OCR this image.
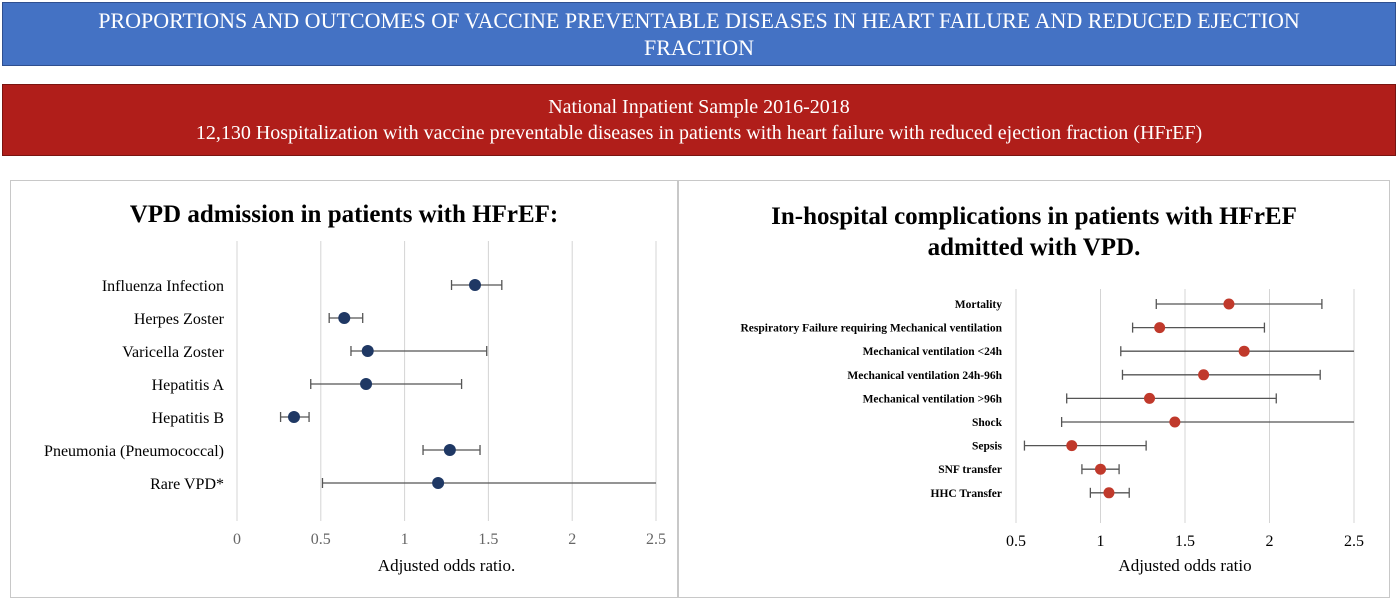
PROPORTIONS AND OUTCOMES OF VACCINE PREVENTABLE DISEASES IN HEART FAILURE AND REDUCED EJECTION FRACTION
National Inpatient Sample 2016-2018
12,130 Hospitalization with vaccine preventable diseases in patients with heart failure with reduced ejection fraction (HFrEF)
VPD admission in patients with HFrEF:
0	0.5	1	1.5	2	2.5
Adjusted odds ratio.
Influenza Infection
Herpes Zoster
Varicella Zoster
Hepatitis A
Hepatitis B
Pneumonia (Pneumococcal)
Rare VPD*
In-hospital complications in patients with HFrEF admitted with VPD.
0.5	1	1.5	2	2.5
Adjusted odds ratio
Mortality
Respiratory Failure requiring Mechanical ventilation
Mechanical ventilation <24h
Mechanical ventilation 24h-96h
Mechanical ventilation >96h
Shock
Sepsis
SNF transfer
HHC Transfer
